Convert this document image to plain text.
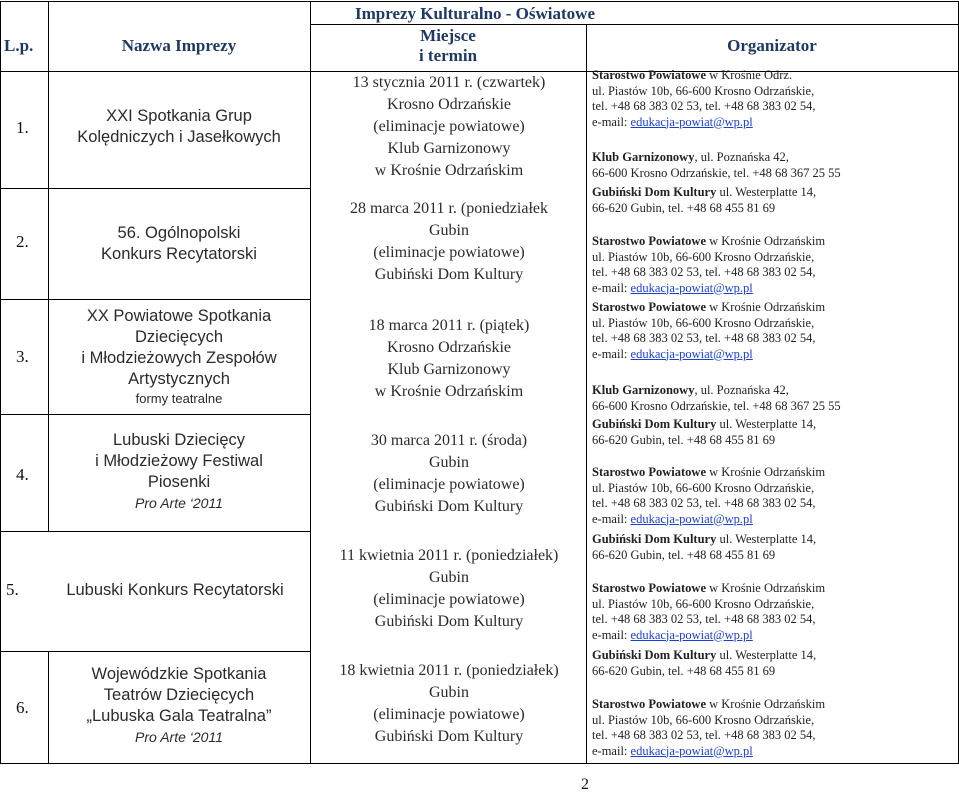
Imprezy Kulturalno - Oświatowe
L.p.	Nazwa Imprezy
Miejsce
i termin
Organizator
1.
2.
3.
4.
5.
6.
XXI Spotkania Grup
Kolędniczych i Jasełkowych
56. Ogólnopolski
Konkurs Recytatorski
XX Powiatowe Spotkania
Dziecięcych
i Młodzieżowych Zespołów
Artystycznych
formy teatralne
Lubuski Dziecięcy
i Młodzieżowy Festiwal
Piosenki
Pro Arte ‘2011
Lubuski Konkurs Recytatorski
Wojewódzkie Spotkania
Teatrów Dziecięcych
„Lubuska Gala Teatralna”
Pro Arte ‘2011
13 stycznia 2011 r. (czwartek)
Krosno Odrzańskie
(eliminacje powiatowe)
Klub Garnizonowy
w Krośnie Odrzańskim
28 marca 2011 r. (poniedziałek
Gubin
(eliminacje powiatowe)
Gubiński Dom Kultury
18 marca 2011 r. (piątek)
Krosno Odrzańskie
Klub Garnizonowy
w Krośnie Odrzańskim
30 marca 2011 r. (środa)
Gubin
(eliminacje powiatowe)
Gubiński Dom Kultury
11 kwietnia 2011 r. (poniedziałek)
Gubin
(eliminacje powiatowe)
Gubiński Dom Kultury
18 kwietnia 2011 r. (poniedziałek)
Gubin
(eliminacje powiatowe)
Gubiński Dom Kultury
Starostwo Powiatowe w Krośnie Odrz.
ul. Piastów 10b, 66-600 Krosno Odrzańskie,
tel. +48 68 383 02 53, tel. +48 68 383 02 54,
e-mail: edukacja-powiat@wp.pl
Klub Garnizonowy, ul. Poznańska 42,
66-600 Krosno Odrzańskie, tel. +48 68 367 25 55
Gubiński Dom Kultury ul. Westerplatte 14,
66-620 Gubin, tel. +48 68 455 81 69
Starostwo Powiatowe w Krośnie Odrzańskim
ul. Piastów 10b, 66-600 Krosno Odrzańskie,
tel. +48 68 383 02 53, tel. +48 68 383 02 54,
e-mail: edukacja-powiat@wp.pl
Starostwo Powiatowe w Krośnie Odrzańskim
ul. Piastów 10b, 66-600 Krosno Odrzańskie,
tel. +48 68 383 02 53, tel. +48 68 383 02 54,
e-mail: edukacja-powiat@wp.pl
Klub Garnizonowy, ul. Poznańska 42,
66-600 Krosno Odrzańskie, tel. +48 68 367 25 55
Gubiński Dom Kultury ul. Westerplatte 14,
66-620 Gubin, tel. +48 68 455 81 69
Starostwo Powiatowe w Krośnie Odrzańskim
ul. Piastów 10b, 66-600 Krosno Odrzańskie,
tel. +48 68 383 02 53, tel. +48 68 383 02 54,
e-mail: edukacja-powiat@wp.pl
Gubiński Dom Kultury ul. Westerplatte 14,
66-620 Gubin, tel. +48 68 455 81 69
Starostwo Powiatowe w Krośnie Odrzańskim
ul. Piastów 10b, 66-600 Krosno Odrzańskie,
tel. +48 68 383 02 53, tel. +48 68 383 02 54,
e-mail: edukacja-powiat@wp.pl
Gubiński Dom Kultury ul. Westerplatte 14,
66-620 Gubin, tel. +48 68 455 81 69
Starostwo Powiatowe w Krośnie Odrzańskim
ul. Piastów 10b, 66-600 Krosno Odrzańskie,
tel. +48 68 383 02 53, tel. +48 68 383 02 54,
e-mail: edukacja-powiat@wp.pl
2
